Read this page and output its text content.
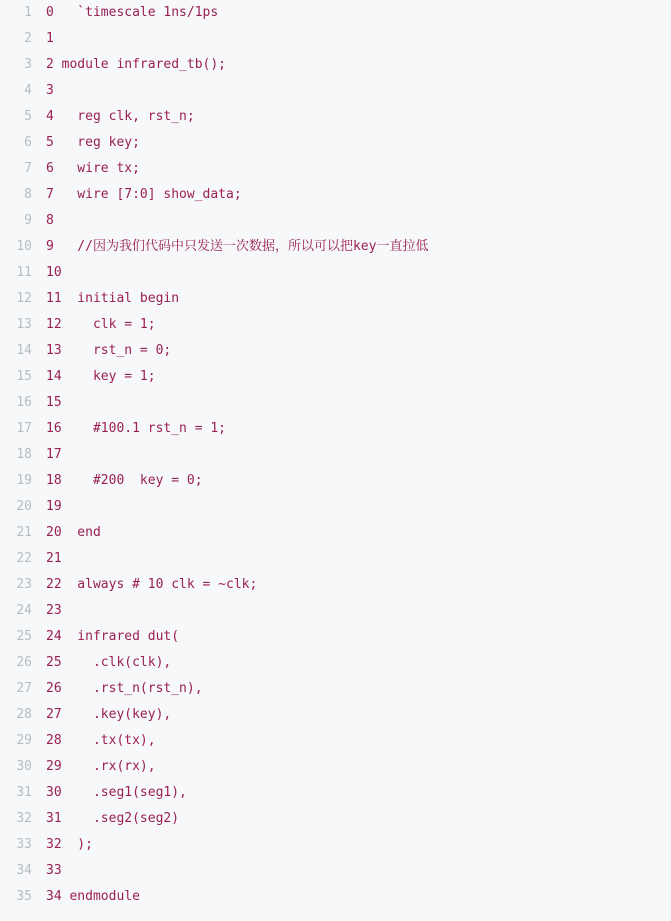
1	0   `timescale 1ns/1ps
2	1
3	2 module infrared_tb();
4	3
5	4   reg clk, rst_n;
6	5   reg key;
7	6   wire tx;
8	7   wire [7:0] show_data;
9	8
10	9   //因为我们代码中只发送一次数据，所以可以把key一直拉低
11	10
12	11  initial begin
13	12    clk = 1;
14	13    rst_n = 0;
15	14    key = 1;
16	15
17	16    #100.1 rst_n = 1;
18	17
19	18    #200  key = 0;
20	19
21	20  end
22	21
23	22  always # 10 clk = ~clk;
24	23
25	24  infrared dut(
26	25    .clk(clk),
27	26    .rst_n(rst_n),
28	27    .key(key),
29	28    .tx(tx),
30	29    .rx(rx),
31	30    .seg1(seg1),
32	31    .seg2(seg2)
33	32  );
34	33
35	34 endmodule
